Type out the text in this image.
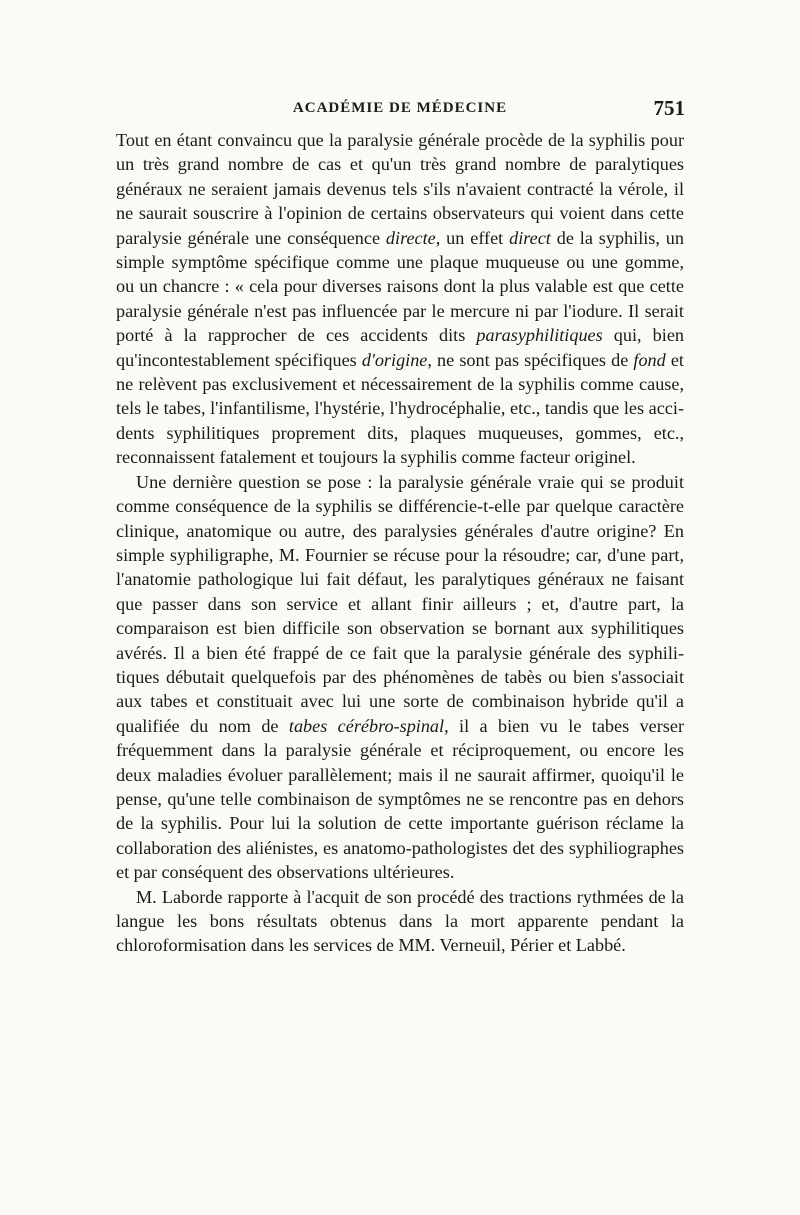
ACADÉMIE DE MÉDECINE	751

Tout en étant convaincu que la paralysie générale procède de la syphilis pour un très grand nombre de cas et qu'un très grand nombre de paralytiques généraux ne seraient jamais devenus tels s'ils n'avaient contracté la vérole, il ne saurait souscrire à l'opinion de certains observateurs qui voient dans cette paralysie générale une conséquence directe, un effet direct de la syphilis, un simple symptôme spécifique comme une plaque muqueuse ou une gomme, ou un chancre : « cela pour diverses raisons dont la plus valable est que cette paralysie générale n'est pas influencée par le mercure ni par l'iodure. Il serait porté à la rapprocher de ces accidents dits parasyphilitiques qui, bien qu'incontestablement spécifiques d'origine, ne sont pas spécifiques de fond et ne relèvent pas exclusivement et nécessairement de la syphilis comme cause, tels le tabes, l'infantilisme, l'hystérie, l'hydrocéphalie, etc., tandis que les accidents syphilitiques proprement dits, plaques muqueuses, gommes, etc., reconnaissent fatalement et toujours la syphilis comme facteur originel.

Une dernière question se pose : la paralysie générale vraie qui se produit comme conséquence de la syphilis se différencie-t-elle par quelque caractère clinique, anatomique ou autre, des paralysies générales d'autre origine? En simple syphiligraphe, M. Fournier se récuse pour la résoudre; car, d'une part, l'anatomie pathologique lui fait défaut, les paralytiques généraux ne faisant que passer dans son service et allant finir ailleurs ; et, d'autre part, la comparaison est bien difficile son observation se bornant aux syphilitiques avérés. Il a bien été frappé de ce fait que la paralysie générale des syphilitiques débutait quelquefois par des phénomènes de tabès ou bien s'associait aux tabes et constituait avec lui une sorte de combinaison hybride qu'il a qualifiée du nom de tabes cérébro-spinal, il a bien vu le tabes verser fréquemment dans la paralysie générale et réciproquement, ou encore les deux maladies évoluer parallèlement; mais il ne saurait affirmer, quoiqu'il le pense, qu'une telle combinaison de symptômes ne se rencontre pas en dehors de la syphilis. Pour lui la solution de cette importante guérison réclame la collaboration des aliénistes, es anatomo-pathologistes det des syphiliographes et par conséquent des observations ultérieures.

M. Laborde rapporte à l'acquit de son procédé des tractions rythmées de la langue les bons résultats obtenus dans la mort apparente pendant la chloroformisation dans les services de MM. Verneuil, Périer et Labbé.
